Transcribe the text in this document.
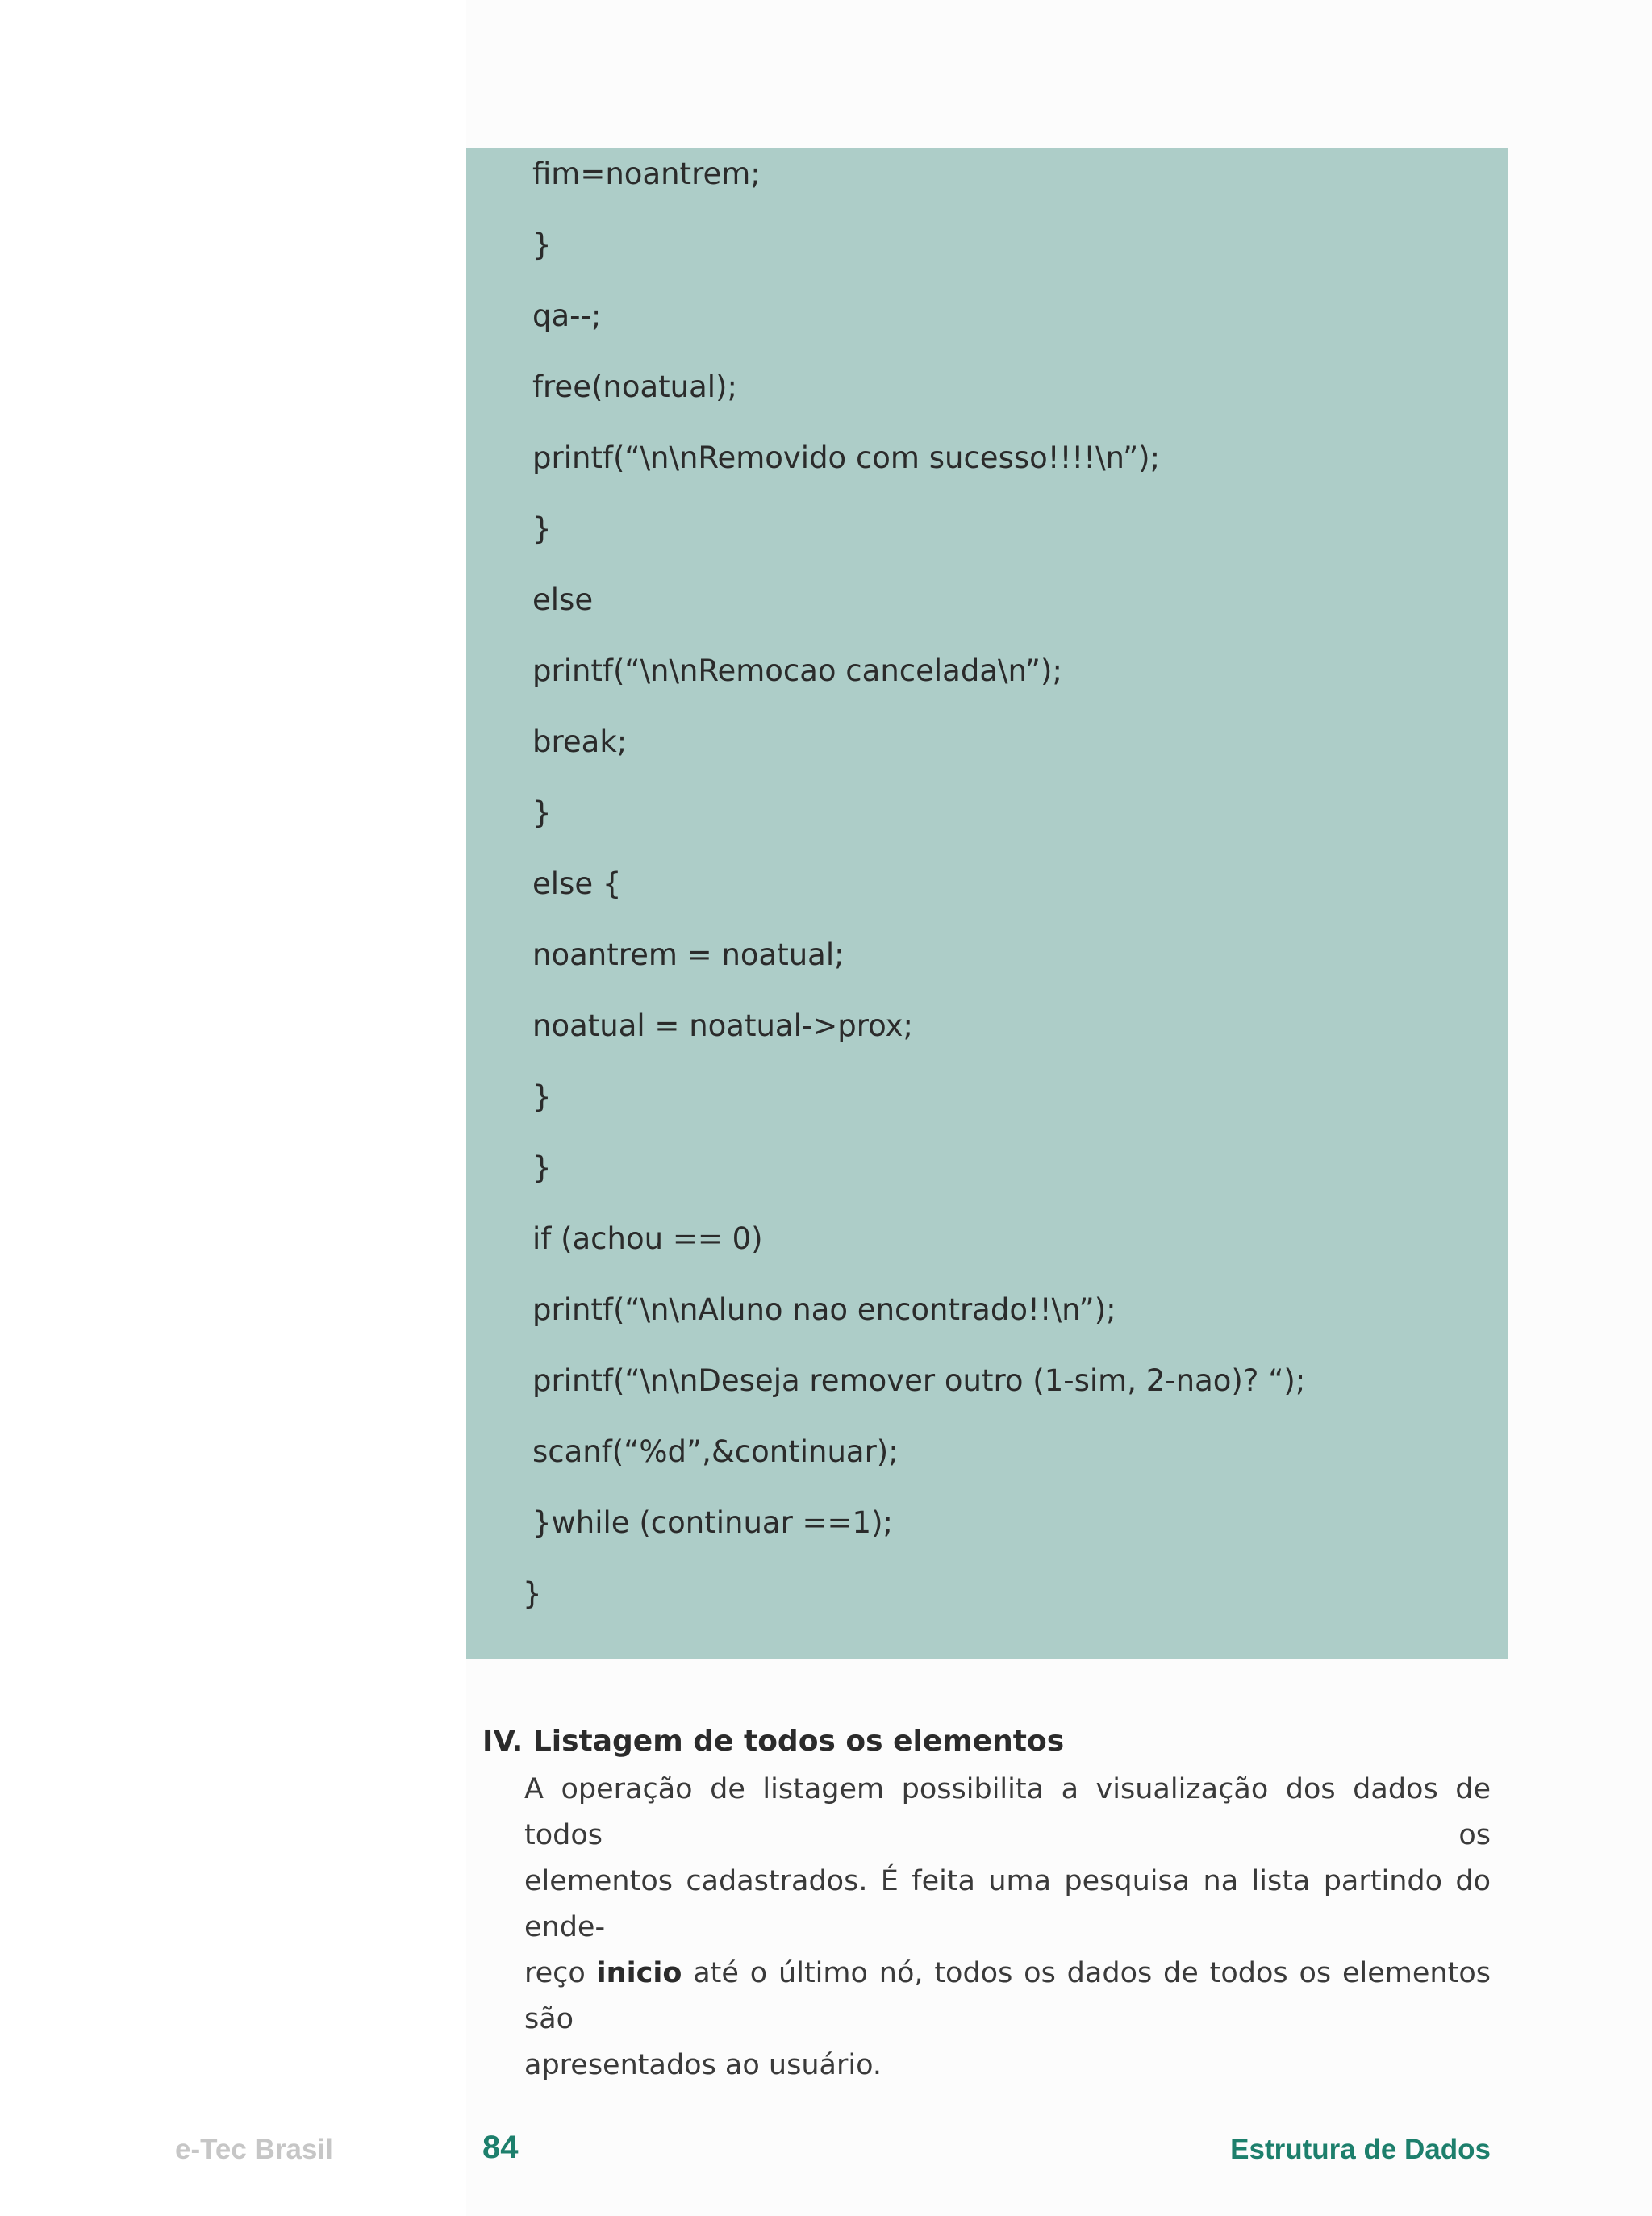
fim=noantrem;
}
qa--;
free(noatual);
printf(“\n\nRemovido com sucesso!!!!\n”);
}
else
printf(“\n\nRemocao cancelada\n”);
break;
}
else {
noantrem = noatual;
noatual = noatual->prox;
}
}
if (achou == 0)
printf(“\n\nAluno nao encontrado!!\n”);
printf(“\n\nDeseja remover outro (1-sim, 2-nao)? “);
scanf(“%d”,&continuar);
}while (continuar ==1);
}
IV. Listagem de todos os elementos
A operação de listagem possibilita a visualização dos dados de todos os
elementos cadastrados. É feita uma pesquisa na lista partindo do ende-
reço inicio até o último nó, todos os dados de todos os elementos são
apresentados ao usuário.
e-Tec Brasil	84	Estrutura de Dados
